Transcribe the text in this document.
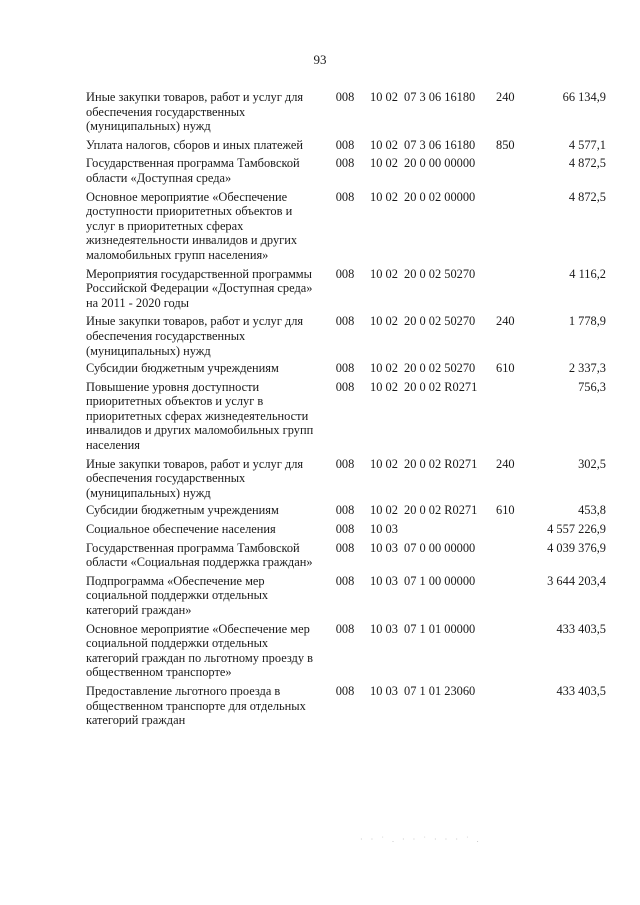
93
Иные закупки товаров, работ и услуг для обеспечения государственных (муниципальных) нужд
008	10 02 07 3 06 16180	240	66 134,9
Уплата налогов, сборов и иных платежей	008	10 02 07 3 06 16180	850	4 577,1
Государственная программа Тамбовской области «Доступная среда»
008	10 02 20 0 00 00000	4 872,5
Основное мероприятие «Обеспечение доступности приоритетных объектов и услуг в приоритетных сферах жизнедеятельности инвалидов и других маломобильных групп населения»
008	10 02 20 0 02 00000	4 872,5
Мероприятия государственной программы Российской Федерации «Доступная среда» на 2011 - 2020 годы
008	10 02 20 0 02 50270	4 116,2
Иные закупки товаров, работ и услуг для обеспечения государственных (муниципальных) нужд
008	10 02 20 0 02 50270	240	1 778,9
Субсидии бюджетным учреждениям	008	10 02 20 0 02 50270	610	2 337,3
Повышение уровня доступности приоритетных объектов и услуг в приоритетных сферах жизнедеятельности инвалидов и других маломобильных групп населения
008	10 02 20 0 02 R0271	756,3
Иные закупки товаров, работ и услуг для обеспечения государственных (муниципальных) нужд
008	10 02 20 0 02 R0271	240	302,5
Субсидии бюджетным учреждениям	008	10 02 20 0 02 R0271	610	453,8
Социальное обеспечение населения	008	10 03	4 557 226,9
Государственная программа Тамбовской области «Социальная поддержка граждан»
008	10 03 07 0 00 00000	4 039 376,9
Подпрограмма «Обеспечение мер социальной поддержки отдельных категорий граждан»
008	10 03 07 1 00 00000	3 644 203,4
Основное мероприятие «Обеспечение мер социальной поддержки отдельных категорий граждан по льготному проезду в общественном транспорте»
008	10 03 07 1 01 00000	433 403,5
Предоставление льготного проезда в общественном транспорте для отдельных категорий граждан
008	10 03 07 1 01 23060	433 403,5
· · ˙ . · · ˙ · · · ˙ .
